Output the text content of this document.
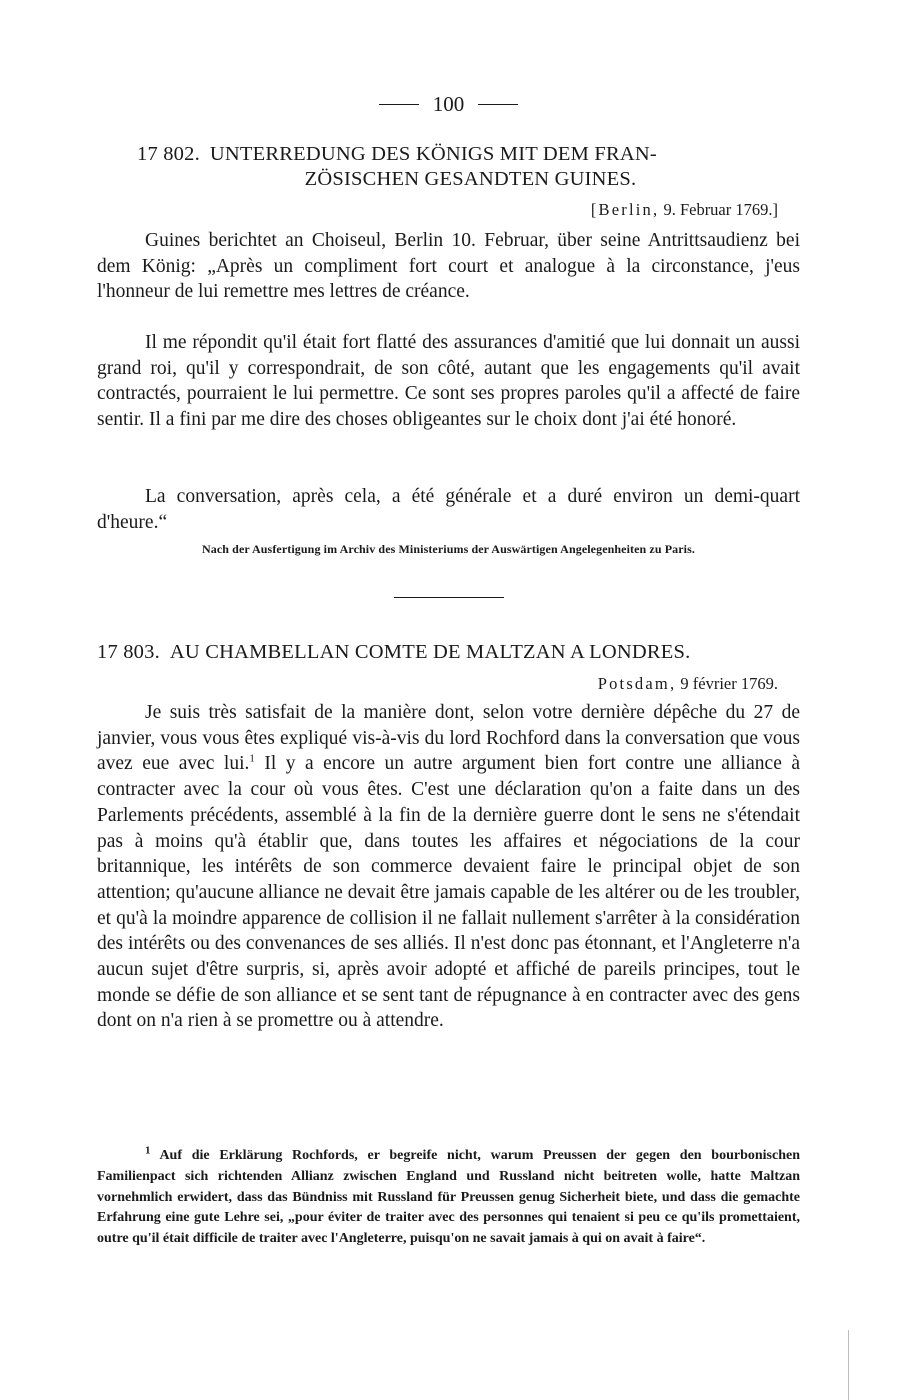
100
17 802. UNTERREDUNG DES KÖNIGS MIT DEM FRAN-
ZÖSISCHEN GESANDTEN GUINES.
[Berlin, 9. Februar 1769.]

Guines berichtet an Choiseul, Berlin 10. Februar, über seine Antrittsaudienz bei dem König: „Après un compliment fort court et analogue à la circonstance, j'eus l'honneur de lui remettre mes lettres de créance.

Il me répondit qu'il était fort flatté des assurances d'amitié que lui donnait un aussi grand roi, qu'il y correspondrait, de son côté, autant que les engagements qu'il avait contractés, pourraient le lui permettre. Ce sont ses propres paroles qu'il a affecté de faire sentir. Il a fini par me dire des choses obligeantes sur le choix dont j'ai été honoré.

La conversation, après cela, a été générale et a duré environ un demi-quart d'heure.“

Nach der Ausfertigung im Archiv des Ministeriums der Auswärtigen Angelegenheiten zu Paris.
17 803. AU CHAMBELLAN COMTE DE MALTZAN A LONDRES.
Potsdam, 9 février 1769.

Je suis très satisfait de la manière dont, selon votre dernière dépêche du 27 de janvier, vous vous êtes expliqué vis-à-vis du lord Rochford dans la conversation que vous avez eue avec lui.$^1$ Il y a encore un autre argument bien fort contre une alliance à contracter avec la cour où vous êtes. C'est une déclaration qu'on a faite dans un des Parlements précédents, assemblé à la fin de la dernière guerre dont le sens ne s'étendait pas à moins qu'à établir que, dans toutes les affaires et négociations de la cour britannique, les intérêts de son commerce devaient faire le principal objet de son attention; qu'aucune alliance ne devait être jamais capable de les altérer ou de les troubler, et qu'à la moindre apparence de collision il ne fallait nullement s'arrêter à la considération des intérêts ou des convenances de ses alliés. Il n'est donc pas étonnant, et l'Angleterre n'a aucun sujet d'être surpris, si, après avoir adopté et affiché de pareils principes, tout le monde se défie de son alliance et se sent tant de répugnance à en contracter avec des gens dont on n'a rien à se promettre ou à attendre.

$^1$ Auf die Erklärung Rochfords, er begreife nicht, warum Preussen der gegen den bourbonischen Familienpact sich richtenden Allianz zwischen England und Russland nicht beitreten wolle, hatte Maltzan vornehmlich erwidert, dass das Bündniss mit Russland für Preussen genug Sicherheit biete, und dass die gemachte Erfahrung eine gute Lehre sei, „pour éviter de traiter avec des personnes qui tenaient si peu ce qu'ils promettaient, outre qu'il était difficile de traiter avec l'Angleterre, puisqu'on ne savait jamais à qui on avait à faire“.
